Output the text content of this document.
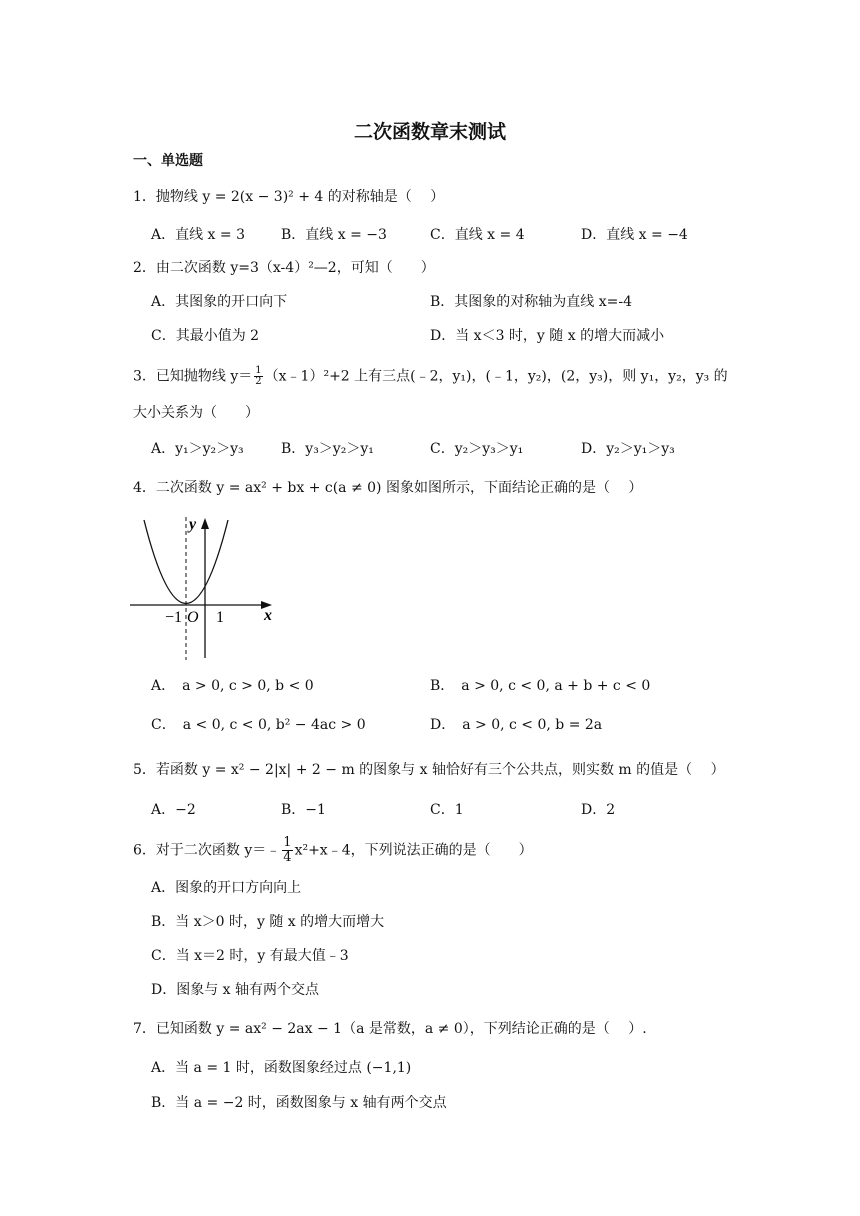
二次函数章末测试
一、单选题
1．抛物线 y = 2(x − 3)² + 4 的对称轴是（　 ）
A．直线 x = 3	B．直线 x = −3	C．直线 x = 4	D．直线 x = −4
2．由二次函数 y=3（x-4）²—2，可知（　　）
A．其图象的开口向下	B．其图象的对称轴为直线 x=-4
C．其最小值为 2	D．当 x＜3 时，y 随 x 的增大而减小
3．已知抛物线 $y= \frac{1}{2}$ （x﹣1）²+2 上有三点(﹣2，y₁)，(﹣1，y₂)，(2，y₃)，则 y₁，y₂，y₃ 的
大小关系为（　　）
A．y₁＞y₂＞y₃	B．y₃＞y₂＞y₁	C．y₂＞y₃＞y₁	D．y₂＞y₁＞y₃
4．二次函数 y = ax² + bx + c(a ≠ 0) 图象如图所示，下面结论正确的是（　 ）
y
x
−1 O 1
A．　a > 0, c > 0, b < 0	B．　a > 0, c < 0, a + b + c < 0
C．　a < 0, c < 0, b² − 4ac > 0	D．　a > 0, c < 0, b = 2a
5．若函数 y = x² − 2|x| + 2 − m 的图象与 x 轴恰好有三个公共点，则实数 m 的值是（　 ）
A．−2	B．−1	C．1	D．2
6．对于二次函数 y＝﹣ $\frac{1}{4}$ x²+x﹣4，下列说法正确的是（　　）
A．图象的开口方向向上
B．当 x＞0 时，y 随 x 的增大而增大
C．当 x＝2 时，y 有最大值﹣3
D．图象与 x 轴有两个交点
7．已知函数 y = ax² − 2ax − 1（a 是常数，a ≠ 0），下列结论正确的是（　 ）.
A．当 a = 1 时，函数图象经过点 (−1,1)
B．当 a = −2 时，函数图象与 x 轴有两个交点
